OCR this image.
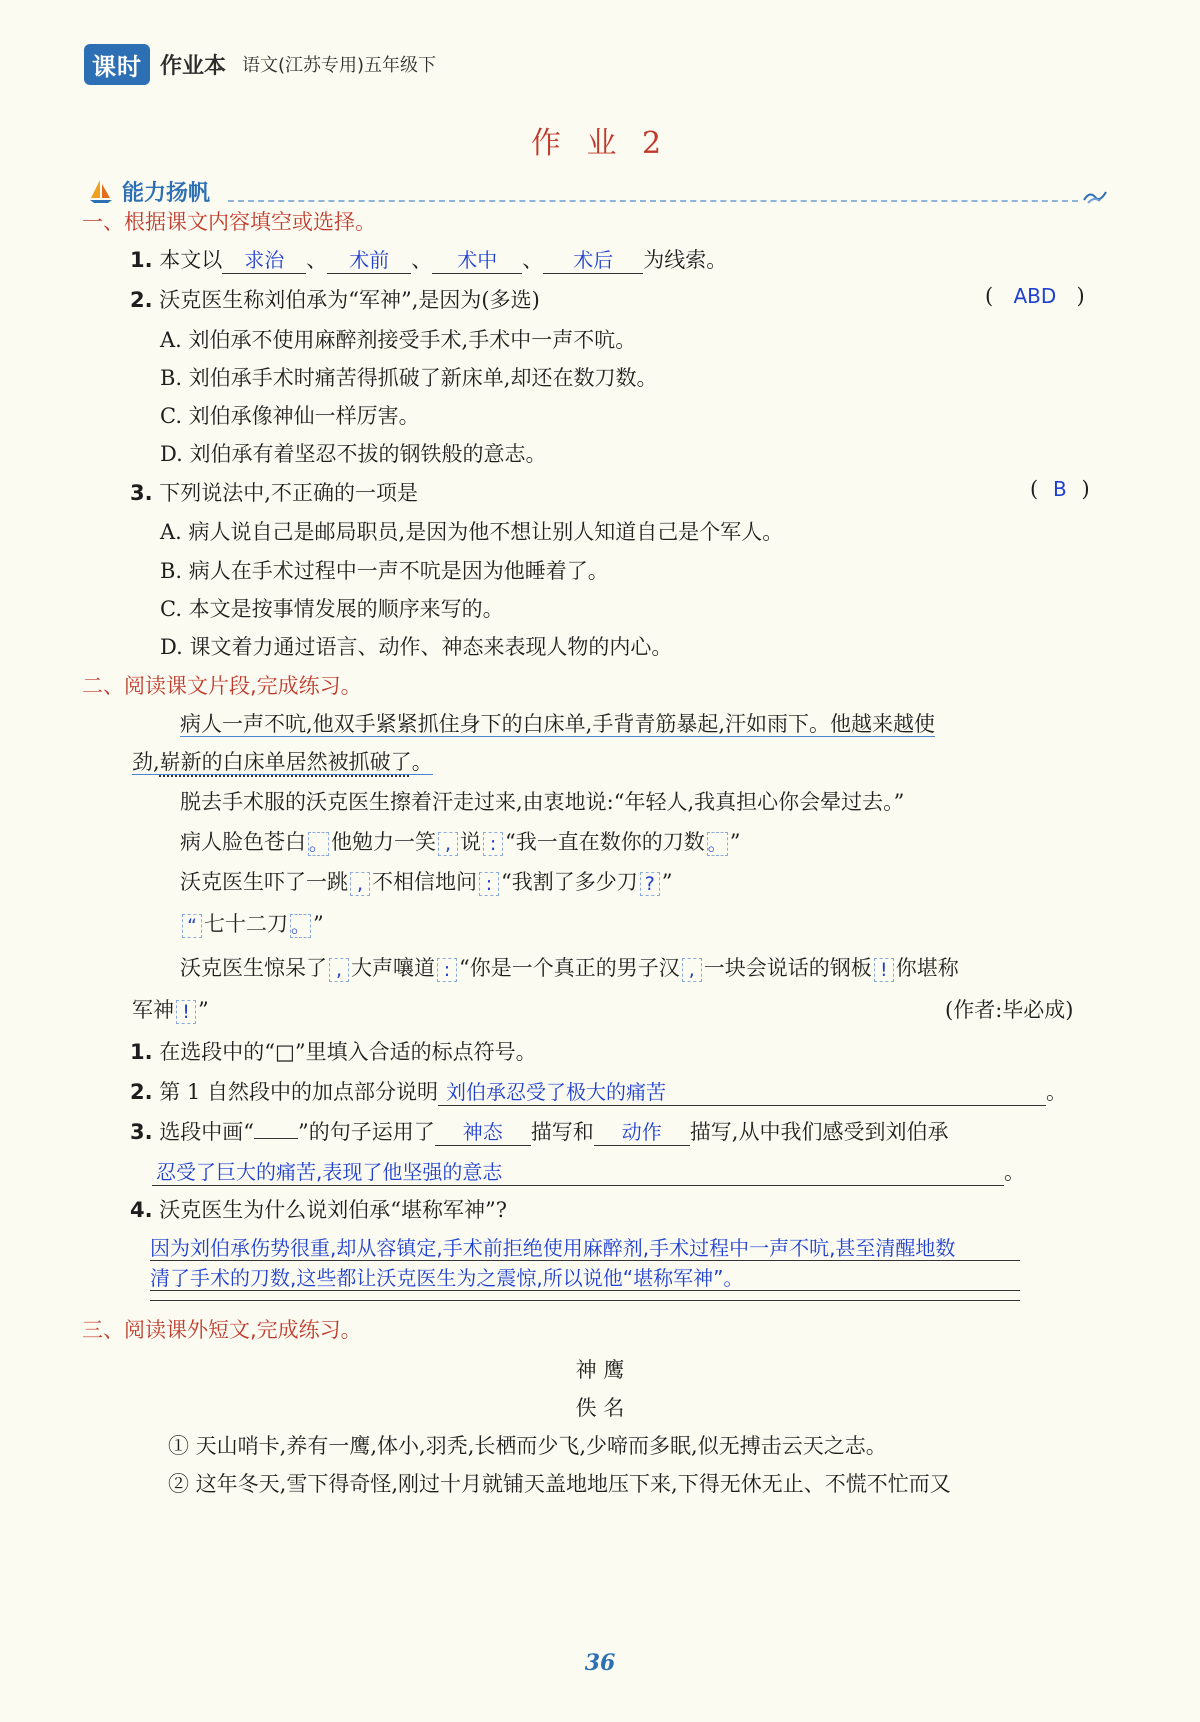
课时 作业本 语文(江苏专用)五年级下
作 业 2
能力扬帆
一、根据课文内容填空或选择。
1. 本文以 求治 、 术前 、 术中 、 术后 为线索。
2. 沃克医生称刘伯承为“军神”,是因为(多选)	( ABD )
A. 刘伯承不使用麻醉剂接受手术,手术中一声不吭。
B. 刘伯承手术时痛苦得抓破了新床单,却还在数刀数。
C. 刘伯承像神仙一样厉害。
D. 刘伯承有着坚忍不拔的钢铁般的意志。
3. 下列说法中,不正确的一项是	( B )
A. 病人说自己是邮局职员,是因为他不想让别人知道自己是个军人。
B. 病人在手术过程中一声不吭是因为他睡着了。
C. 本文是按事情发展的顺序来写的。
D. 课文着力通过语言、动作、神态来表现人物的内心。
二、阅读课文片段,完成练习。
病人一声不吭,他双手紧紧抓住身下的白床单,手背青筋暴起,汗如雨下。他越来越使
劲,崭新的白床单居然被抓破了。
脱去手术服的沃克医生擦着汗走过来,由衷地说:“年轻人,我真担心你会晕过去。”
病人脸色苍白 。 他勉力一笑 , 说 : “我一直在数你的刀数 。 ”
沃克医生吓了一跳 , 不相信地问 : “我割了多少刀 ? ”
“ 七十二刀 。 ”
沃克医生惊呆了 , 大声嚷道 : “你是一个真正的男子汉 , 一块会说话的钢板 ! 你堪称
军神 ! ”	(作者:毕必成)
1. 在选段中的“□”里填入合适的标点符号。
2. 第 1 自然段中的加点部分说明 刘伯承忍受了极大的痛苦	。
3. 选段中画“ ”的句子运用了 神态 描写和 动作 描写,从中我们感受到刘伯承
忍受了巨大的痛苦,表现了他坚强的意志	。
4. 沃克医生为什么说刘伯承“堪称军神”?
因为刘伯承伤势很重,却从容镇定,手术前拒绝使用麻醉剂,手术过程中一声不吭,甚至清醒地数
清了手术的刀数,这些都让沃克医生为之震惊,所以说他“堪称军神”。
三、阅读课外短文,完成练习。
神 鹰
佚 名
① 天山哨卡,养有一鹰,体小,羽秃,长栖而少飞,少啼而多眠,似无搏击云天之志。
② 这年冬天,雪下得奇怪,刚过十月就铺天盖地地压下来,下得无休无止、不慌不忙而又
36
